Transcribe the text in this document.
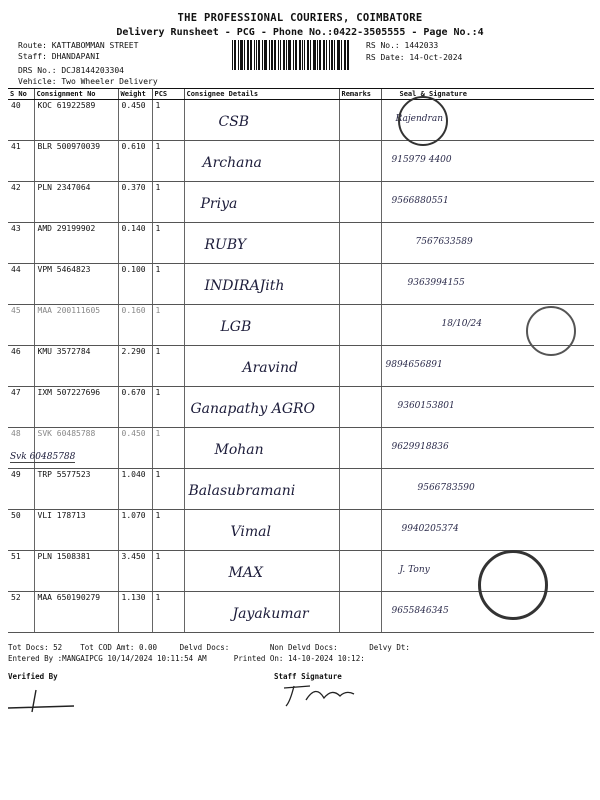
THE PROFESSIONAL COURIERS, COIMBATORE
Delivery Runsheet - PCG - Phone No.:0422-3505555 - Page No.:4
Route: KATTABOMMAN STREET
Staff: DHANDAPANI
DRS No.: DCJ8144203304
Vehicle: Two Wheeler Delivery
RS No.: 1442033
RS Date: 14-Oct-2024
S No	Consignment No	Weight	PCS	Consignee Details	Remarks	Seal & Signature
40	KOC 61922589	0.450	1	CSB		Rajendran

41	BLR 500970039	0.610	1	Archana		915979 4400

42	PLN 2347064	0.370	1	Priya		9566880551

43	AMD 29199902	0.140	1	RUBY		7567633589

44	VPM 5464823	0.100	1	INDIRAJith		9363994155

45	MAA 200111605	0.160	1	LGB		18/10/24

46	KMU 3572784	2.290	1	Aravind		9894656891

47	IXM 507227696	0.670	1	Ganapathy AGRO		9360153801

48	SVK 60485788	0.450	1	Mohan		9629918836

49	TRP 5577523	1.040	1	Balasubramani		9566783590

50	VLI 178713	1.070	1	Vimal		9940205374

51	PLN 1508381	3.450	1	MAX		J. Tony

52	MAA 650190279	1.130	1	Jayakumar		9655846345
Svk 60485788
Tot Docs: 52 Tot COD Amt: 0.00	Delvd Docs:	Non Delvd Docs:	Delvy Dt:
Entered By :MANGAIPCG 10/14/2024 10:11:54 AM	Printed On: 14-10-2024 10:12:
Verified By	Staff Signature
